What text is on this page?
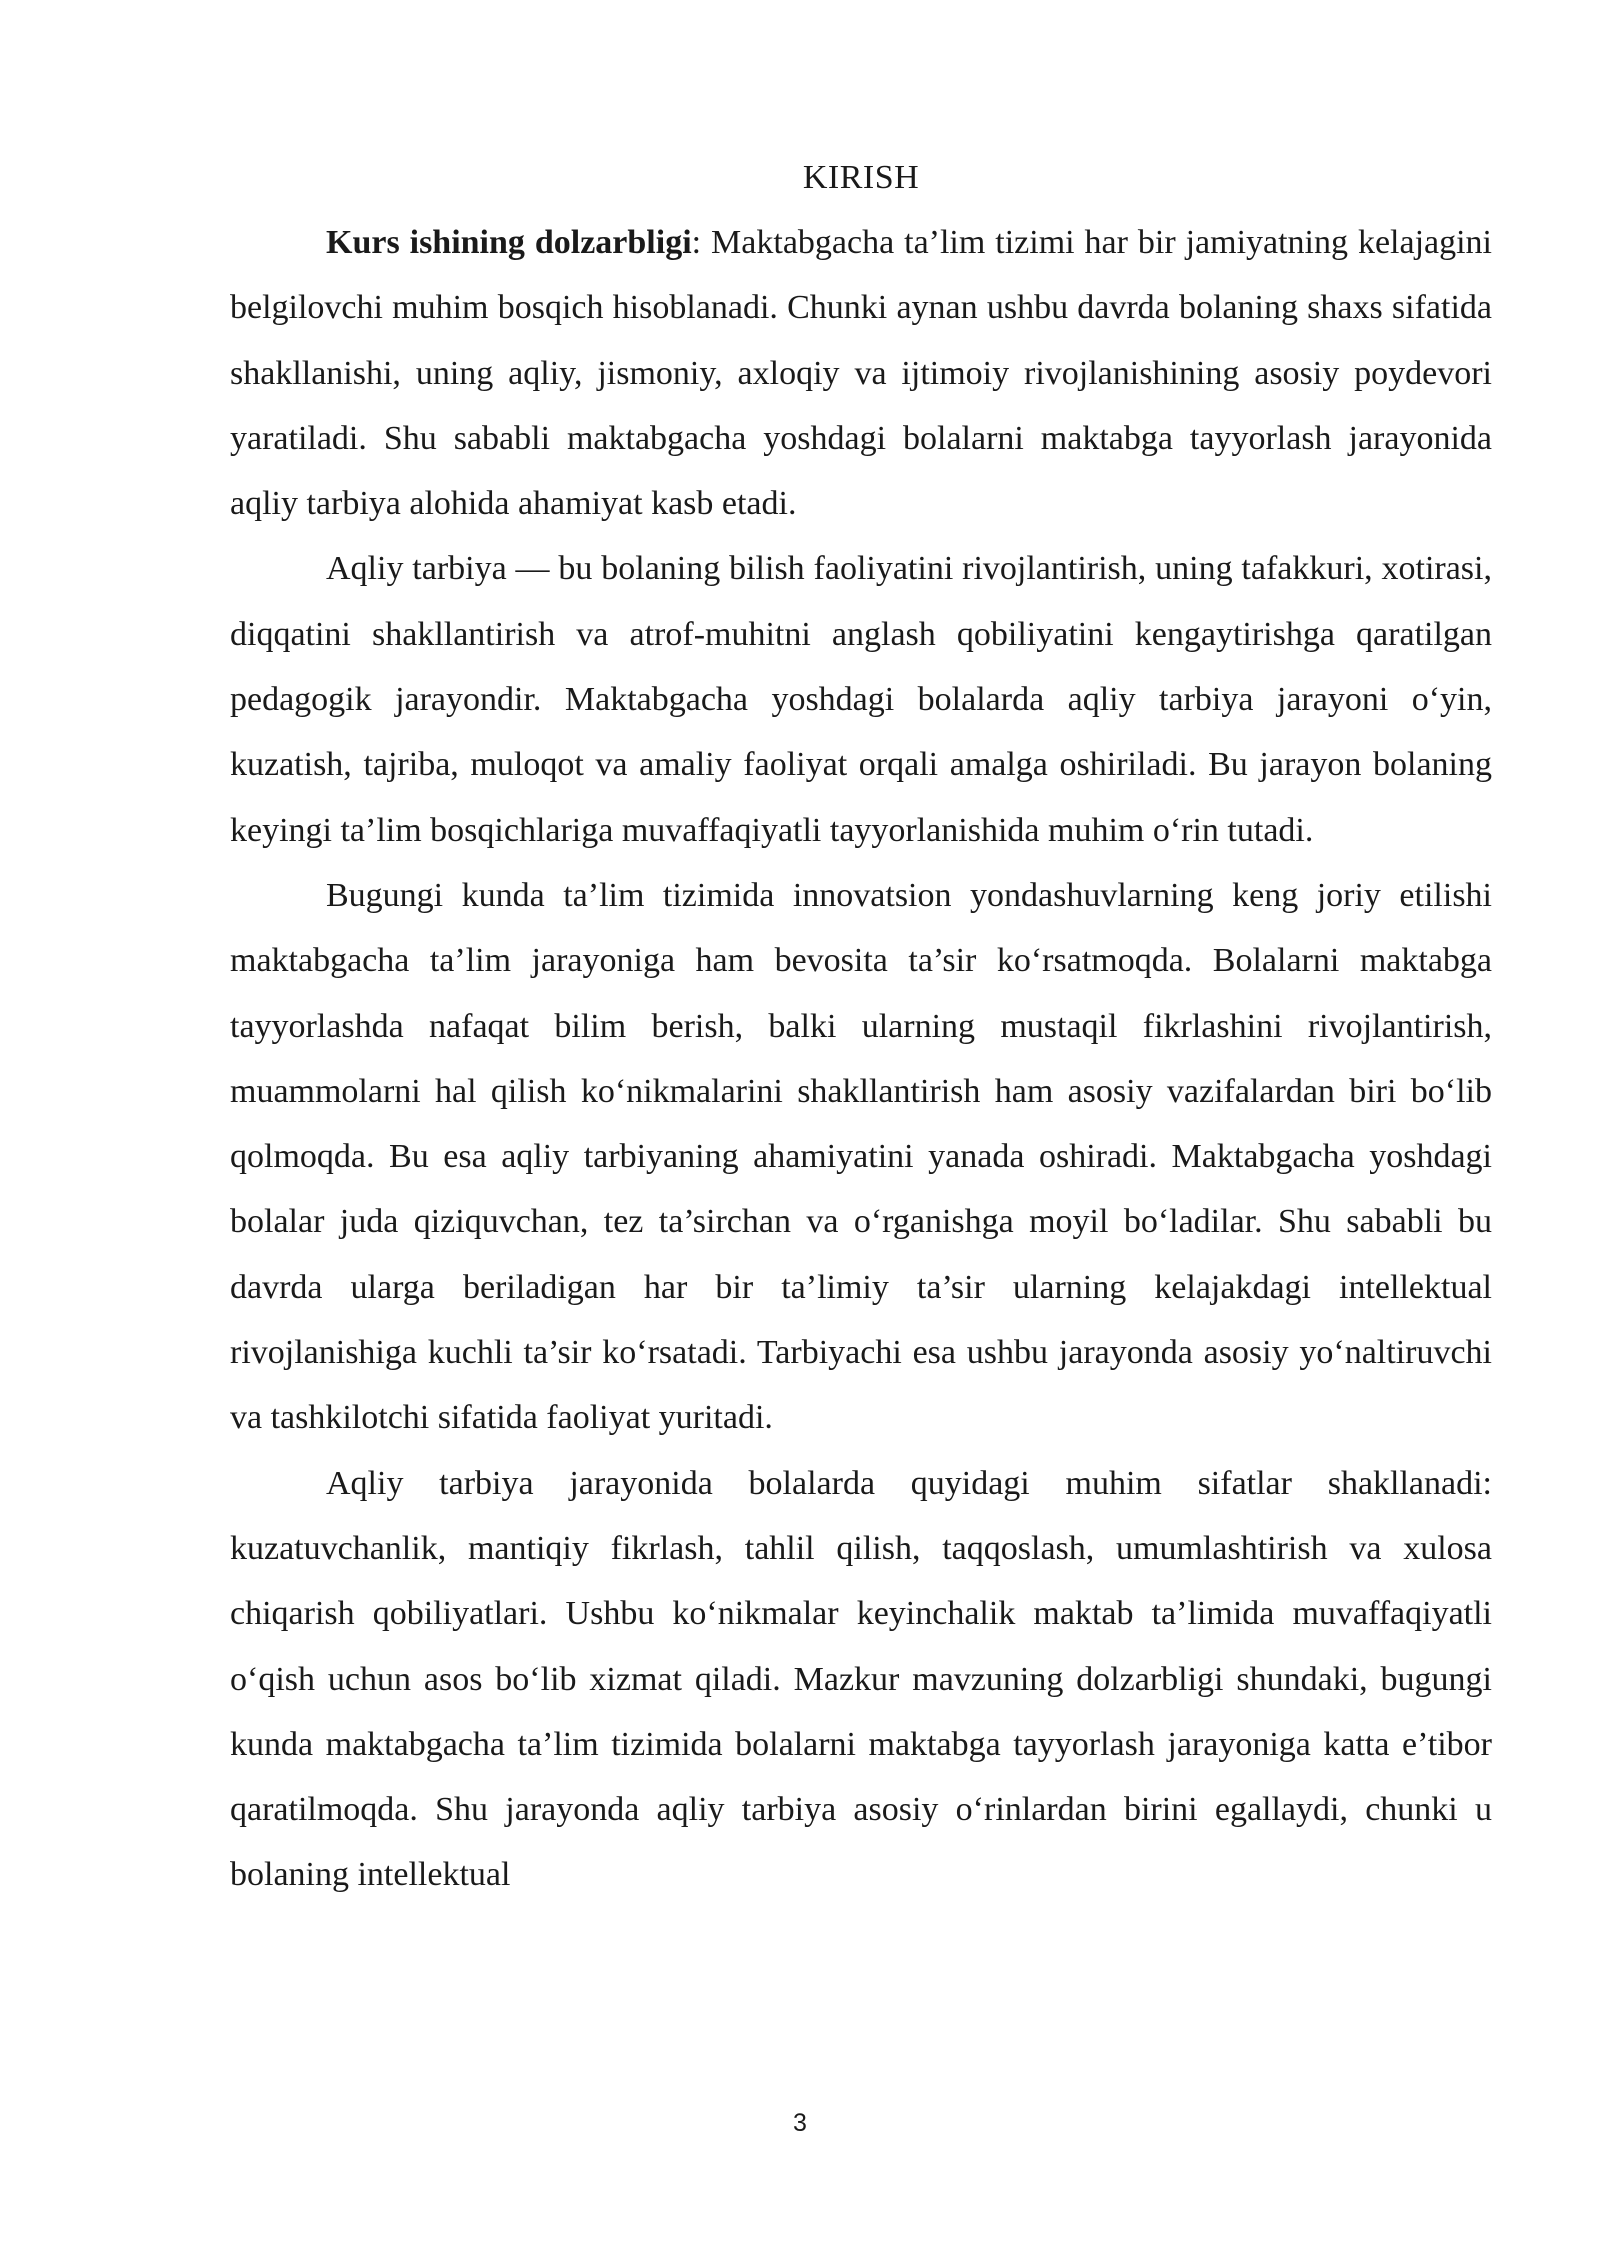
KIRISH

Kurs ishining dolzarbligi: Maktabgacha ta’lim tizimi har bir jamiyatning kelajagini belgilovchi muhim bosqich hisoblanadi. Chunki aynan ushbu davrda bolaning shaxs sifatida shakllanishi, uning aqliy, jismoniy, axloqiy va ijtimoiy rivojlanishining asosiy poydevori yaratiladi. Shu sababli maktabgacha yoshdagi bolalarni maktabga tayyorlash jarayonida aqliy tarbiya alohida ahamiyat kasb etadi.

Aqliy tarbiya — bu bolaning bilish faoliyatini rivojlantirish, uning tafakkuri, xotirasi, diqqatini shakllantirish va atrof-muhitni anglash qobiliyatini kengaytirishga qaratilgan pedagogik jarayondir. Maktabgacha yoshdagi bolalarda aqliy tarbiya jarayoni o‘yin, kuzatish, tajriba, muloqot va amaliy faoliyat orqali amalga oshiriladi. Bu jarayon bolaning keyingi ta’lim bosqichlariga muvaffaqiyatli tayyorlanishida muhim o‘rin tutadi.

Bugungi kunda ta’lim tizimida innovatsion yondashuvlarning keng joriy etilishi maktabgacha ta’lim jarayoniga ham bevosita ta’sir ko‘rsatmoqda. Bolalarni maktabga tayyorlashda nafaqat bilim berish, balki ularning mustaqil fikrlashini rivojlantirish, muammolarni hal qilish ko‘nikmalarini shakllantirish ham asosiy vazifalardan biri bo‘lib qolmoqda. Bu esa aqliy tarbiyaning ahamiyatini yanada oshiradi. Maktabgacha yoshdagi bolalar juda qiziquvchan, tez ta’sirchan va o‘rganishga moyil bo‘ladilar. Shu sababli bu davrda ularga beriladigan har bir ta’limiy ta’sir ularning kelajakdagi intellektual rivojlanishiga kuchli ta’sir ko‘rsatadi. Tarbiyachi esa ushbu jarayonda asosiy yo‘naltiruvchi va tashkilotchi sifatida faoliyat yuritadi.

Aqliy tarbiya jarayonida bolalarda quyidagi muhim sifatlar shakllanadi: kuzatuvchanlik, mantiqiy fikrlash, tahlil qilish, taqqoslash, umumlashtirish va xulosa chiqarish qobiliyatlari. Ushbu ko‘nikmalar keyinchalik maktab ta’limida muvaffaqiyatli o‘qish uchun asos bo‘lib xizmat qiladi. Mazkur mavzuning dolzarbligi shundaki, bugungi kunda maktabgacha ta’lim tizimida bolalarni maktabga tayyorlash jarayoniga katta e’tibor qaratilmoqda. Shu jarayonda aqliy tarbiya asosiy o‘rinlardan birini egallaydi, chunki u bolaning intellektual

3
